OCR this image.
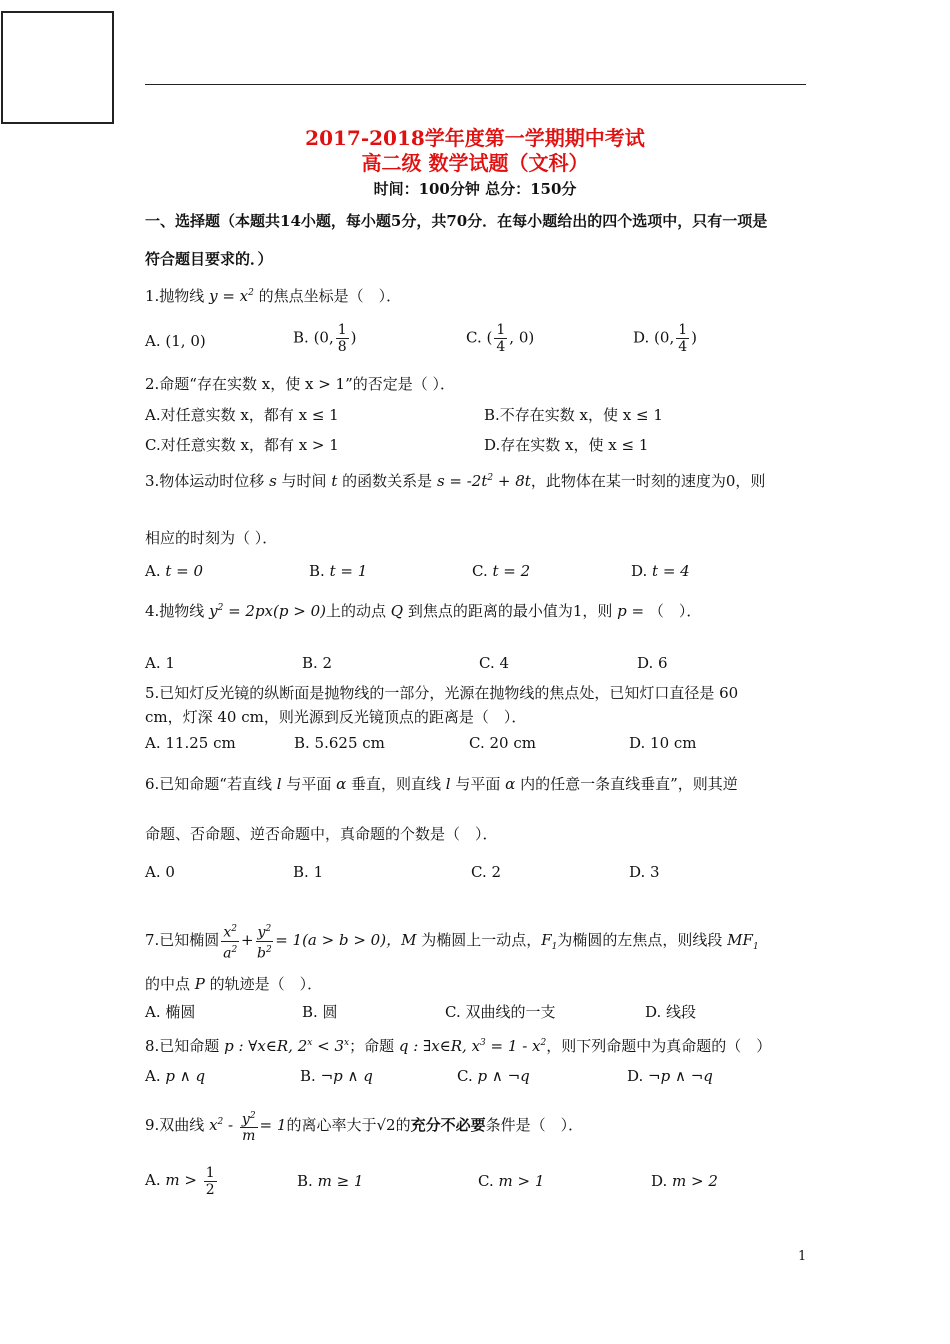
2017-2018学年度第一学期期中考试
高二级 数学试题（文科）
时间：100分钟 总分：150分
一、选择题（本题共14小题，每小题5分，共70分．在每小题给出的四个选项中，只有一项是
符合题目要求的．）
1.抛物线 $y = x^2$ 的焦点坐标是（　）．
A. (1, 0)	B. (0, $\frac{1}{8}$ )	C. ( $\frac{1}{4}$ , 0)	D. (0, $\frac{1}{4}$ )
2.命题“存在实数 x，使 x > 1”的否定是（ ）．
A.对任意实数 x，都有 x ≤ 1	B.不存在实数 x，使 x ≤ 1
C.对任意实数 x，都有 x > 1	D.存在实数 x，使 x ≤ 1
3.物体运动时位移 s 与时间 t 的函数关系是 $s = -2t^2 + 8t$，此物体在某一时刻的速度为0，则
相应的时刻为（ ）．
A. t = 0	B. t = 1	C. t = 2	D. t = 4
4.抛物线 $y^2 = 2px(p > 0)$上的动点 Q 到焦点的距离的最小值为1，则 p = （　）．
A. 1	B. 2	C. 4	D. 6
5.已知灯反光镜的纵断面是抛物线的一部分，光源在抛物线的焦点处，已知灯口直径是 60
cm，灯深 40 cm，则光源到反光镜顶点的距离是（　）．
A. 11.25 cm	B. 5.625 cm	C. 20 cm	D. 10 cm
6.已知命题“若直线 l 与平面 α 垂直，则直线 l 与平面 α 内的任意一条直线垂直”，则其逆
命题、否命题、逆否命题中，真命题的个数是（　）．
A. 0	B. 1	C. 2	D. 3
7.已知椭圆 $\frac{x^2}{a^2} + \frac{y^2}{b^2} = 1(a > b > 0)$，M 为椭圆上一动点，$F_1$为椭圆的左焦点，则线段 $MF_1$
的中点 P 的轨迹是（　）．
A. 椭圆	B. 圆	C. 双曲线的一支	D. 线段
8.已知命题 p : ∀x∈R, $2^x < 3^x$；命题 q : ∃x∈R, $x^3 = 1 - x^2$，则下列命题中为真命题的（　）
A. p ∧ q	B. ¬p ∧ q	C. p ∧ ¬q	D. ¬p ∧ ¬q
9.双曲线 $x^2 - \frac{y^2}{m} = 1$的离心率大于√2的充分不必要条件是（　）．
A. $m > \frac{1}{2}$	B. m ≥ 1	C. m > 1	D. m > 2
1
